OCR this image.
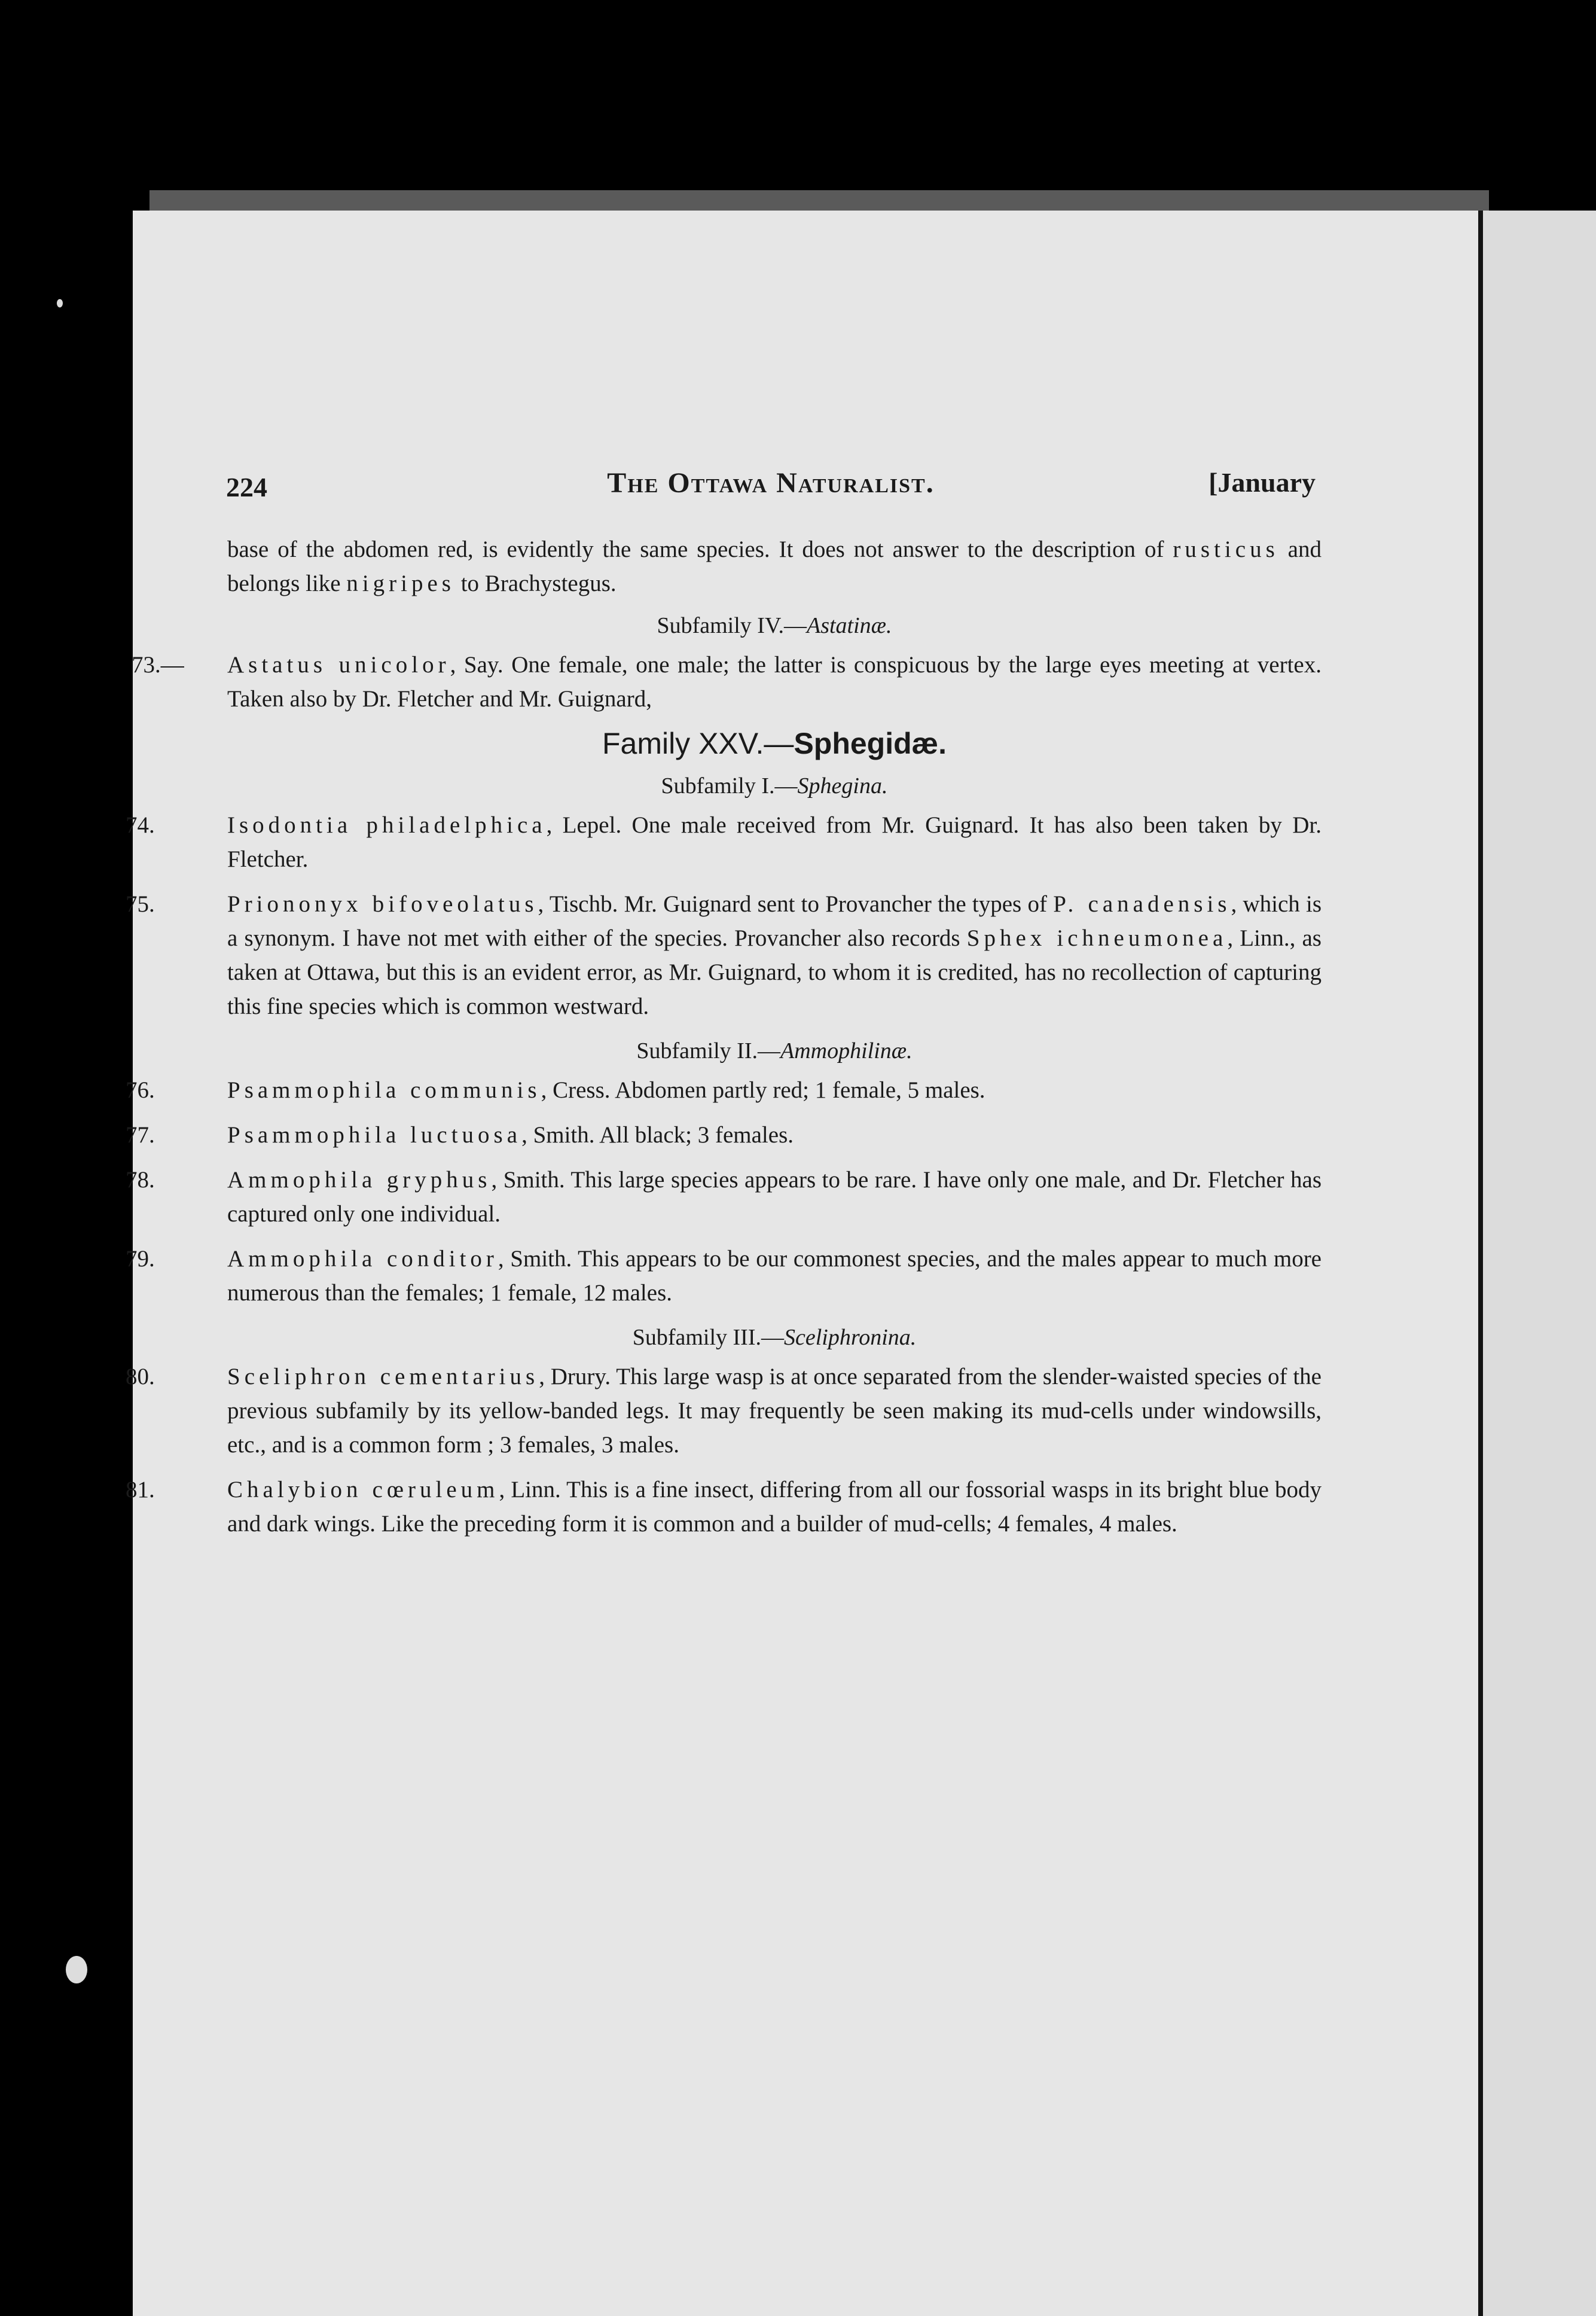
224	The Ottawa Naturalist.	[January

base of the abdomen red, is evidently the same species. It does not answer to the description of rusticus and belongs like nigripes to Brachystegus.

Subfamily IV.—Astatinæ.

73.— Astatus unicolor, Say. One female, one male; the latter is conspicuous by the large eyes meeting at vertex. Taken also by Dr. Fletcher and Mr. Guignard,

Family XXV.—Sphegidæ.
Subfamily I.—Sphegina.

74.	Isodontia philadelphica, Lepel. One male received from Mr. Guignard. It has also been taken by Dr. Fletcher.

75.	Priononyx bifoveolatus, Tischb. Mr. Guignard sent to Provancher the types of P. canadensis, which is a synonym. I have not met with either of the species. Provancher also records Sphex ichneumonea, Linn., as taken at Ottawa, but this is an evident error, as Mr. Guignard, to whom it is credited, has no recollection of capturing this fine species which is common westward.

Subfamily II.—Ammophilinæ.

76.	Psammophila communis, Cress. Abdomen partly red; 1 female, 5 males.

77.	Psammophila luctuosa, Smith. All black; 3 females.

78.	Ammophila gryphus, Smith. This large species appears to be rare. I have only one male, and Dr. Fletcher has captured only one individual.

79.	Ammophila conditor, Smith. This appears to be our commonest species, and the males appear to much more numerous than the females; 1 female, 12 males.

Subfamily III.—Sceliphronina.

80.	Sceliphron cementarius, Drury. This large wasp is at once separated from the slender-waisted species of the previous subfamily by its yellow-banded legs. It may frequently be seen making its mud-cells under windowsills, etc., and is a common form ; 3 females, 3 males.

81.	Chalybion cœruleum, Linn. This is a fine insect, differing from all our fossorial wasps in its bright blue body and dark wings. Like the preceding form it is common and a builder of mud-cells; 4 females, 4 males.
